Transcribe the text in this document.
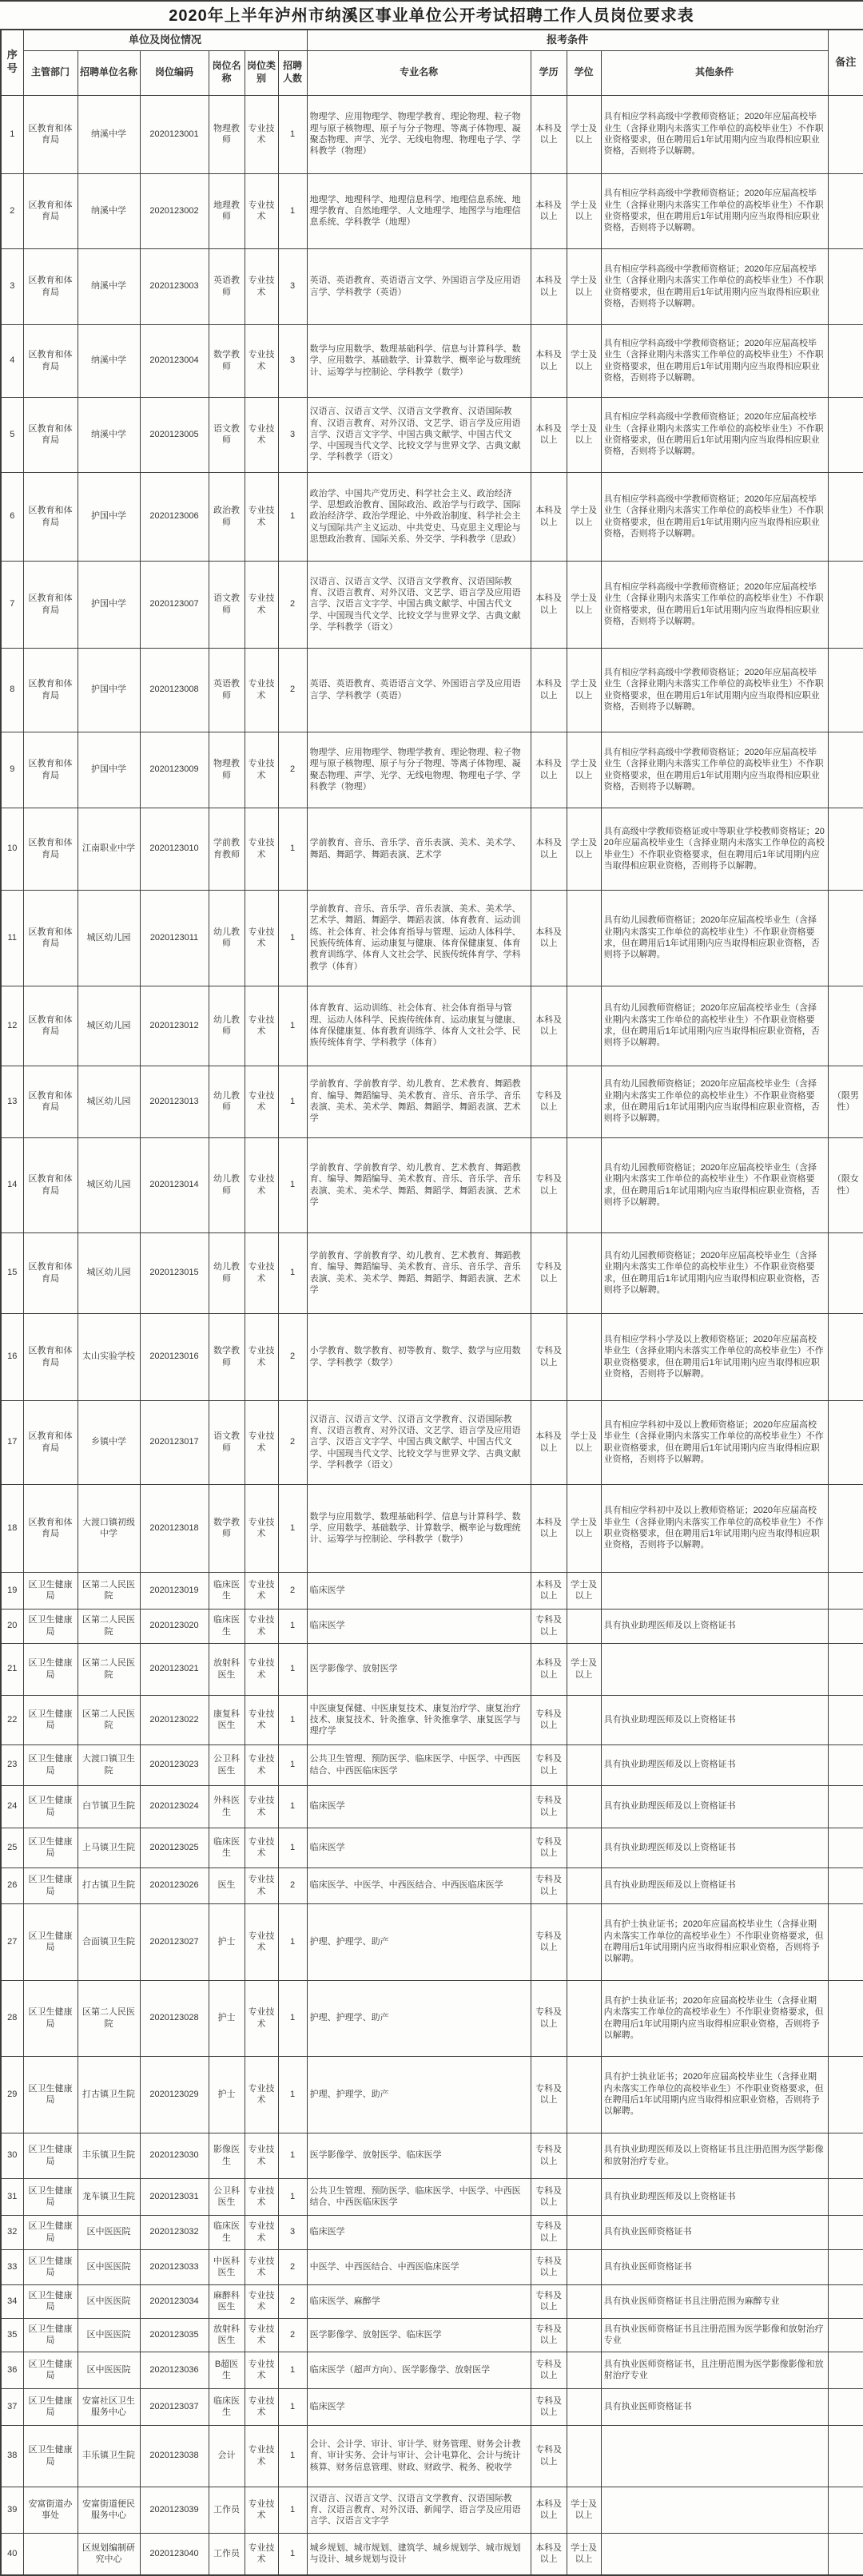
2020年上半年泸州市纳溪区事业单位公开考试招聘工作人员岗位要求表
序号	单位及岗位情况						报考条件				备注
	主管部门	招聘单位名称	岗位编码	岗位名称	岗位类别	招聘人数	专业名称	学历	学位	其他条件	
1	区教育和体育局	纳溪中学	2020123001	物理教师	专业技术	1	物理学、应用物理学、物理学教育、理论物理、粒子物理与原子核物理、原子与分子物理、等离子体物理、凝聚态物理、声学、光学、无线电物理、物理电子学、学科教学（物理）	本科及以上	学士及以上	具有相应学科高级中学教师资格证；2020年应届高校毕业生（含择业期内未落实工作单位的高校毕业生）不作职业资格要求，但在聘用后1年试用期内应当取得相应职业资格，否则将予以解聘。	
2	区教育和体育局	纳溪中学	2020123002	地理教师	专业技术	1	地理学、地理科学、地理信息科学、地理信息系统、地理学教育、自然地理学、人文地理学、地图学与地理信息系统、学科教学（地理）	本科及以上	学士及以上	具有相应学科高级中学教师资格证；2020年应届高校毕业生（含择业期内未落实工作单位的高校毕业生）不作职业资格要求，但在聘用后1年试用期内应当取得相应职业资格，否则将予以解聘。	
3	区教育和体育局	纳溪中学	2020123003	英语教师	专业技术	3	英语、英语教育、英语语言文学、外国语言学及应用语言学、学科教学（英语）	本科及以上	学士及以上	具有相应学科高级中学教师资格证；2020年应届高校毕业生（含择业期内未落实工作单位的高校毕业生）不作职业资格要求，但在聘用后1年试用期内应当取得相应职业资格，否则将予以解聘。	
4	区教育和体育局	纳溪中学	2020123004	数学教师	专业技术	3	数学与应用数学、数理基础科学、信息与计算科学、数学、应用数学、基础数学、计算数学、概率论与数理统计、运筹学与控制论、学科教学（数学）	本科及以上	学士及以上	具有相应学科高级中学教师资格证；2020年应届高校毕业生（含择业期内未落实工作单位的高校毕业生）不作职业资格要求，但在聘用后1年试用期内应当取得相应职业资格，否则将予以解聘。	
5	区教育和体育局	纳溪中学	2020123005	语文教师	专业技术	3	汉语言、汉语言文学、汉语言文学教育、汉语国际教育、汉语言教育、对外汉语、文艺学、语言学及应用语言学、汉语言文字学、中国古典文献学、中国古代文学、中国现当代文学、比较文学与世界文学、古典文献学、学科教学（语文）	本科及以上	学士及以上	具有相应学科高级中学教师资格证；2020年应届高校毕业生（含择业期内未落实工作单位的高校毕业生）不作职业资格要求，但在聘用后1年试用期内应当取得相应职业资格，否则将予以解聘。	
6	区教育和体育局	护国中学	2020123006	政治教师	专业技术	1	政治学、中国共产党历史、科学社会主义、政治经济学、思想政治教育、国际政治、政治学与行政学、国际政治经济学、政治学理论、中外政治制度、科学社会主义与国际共产主义运动、中共党史、马克思主义理论与思想政治教育、国际关系、外交学、学科教学（思政）	本科及以上	学士及以上	具有相应学科高级中学教师资格证；2020年应届高校毕业生（含择业期内未落实工作单位的高校毕业生）不作职业资格要求，但在聘用后1年试用期内应当取得相应职业资格，否则将予以解聘。	
7	区教育和体育局	护国中学	2020123007	语文教师	专业技术	2	汉语言、汉语言文学、汉语言文学教育、汉语国际教育、汉语言教育、对外汉语、文艺学、语言学及应用语言学、汉语言文字学、中国古典文献学、中国古代文学、中国现当代文学、比较文学与世界文学、古典文献学、学科教学（语文）	本科及以上	学士及以上	具有相应学科高级中学教师资格证；2020年应届高校毕业生（含择业期内未落实工作单位的高校毕业生）不作职业资格要求，但在聘用后1年试用期内应当取得相应职业资格，否则将予以解聘。	
8	区教育和体育局	护国中学	2020123008	英语教师	专业技术	2	英语、英语教育、英语语言文学、外国语言学及应用语言学、学科教学（英语）	本科及以上	学士及以上	具有相应学科高级中学教师资格证；2020年应届高校毕业生（含择业期内未落实工作单位的高校毕业生）不作职业资格要求，但在聘用后1年试用期内应当取得相应职业资格，否则将予以解聘。	
9	区教育和体育局	护国中学	2020123009	物理教师	专业技术	2	物理学、应用物理学、物理学教育、理论物理、粒子物理与原子核物理、原子与分子物理、等离子体物理、凝聚态物理、声学、光学、无线电物理、物理电子学、学科教学（物理）	本科及以上	学士及以上	具有相应学科高级中学教师资格证；2020年应届高校毕业生（含择业期内未落实工作单位的高校毕业生）不作职业资格要求，但在聘用后1年试用期内应当取得相应职业资格，否则将予以解聘。	
10	区教育和体育局	江南职业中学	2020123010	学前教育教师	专业技术	1	学前教育、音乐、音乐学、音乐表演、美术、美术学、舞蹈、舞蹈学、舞蹈表演、艺术学	本科及以上	学士及以上	具有高级中学教师资格证或中等职业学校教师资格证；2020年应届高校毕业生（含择业期内未落实工作单位的高校毕业生）不作职业资格要求，但在聘用后1年试用期内应当取得相应职业资格，否则将予以解聘。	
11	区教育和体育局	城区幼儿园	2020123011	幼儿教师	专业技术	1	学前教育、音乐、音乐学、音乐表演、美术、美术学、艺术学、舞蹈、舞蹈学、舞蹈表演、体育教育、运动训练、社会体育、社会体育指导与管理、运动人体科学、民族传统体育、运动康复与健康、体育保健康复、体育教育训练学、体育人文社会学、民族传统体育学、学科教学（体育）	本科及以上		具有幼儿园教师资格证；2020年应届高校毕业生（含择业期内未落实工作单位的高校毕业生）不作职业资格要求，但在聘用后1年试用期内应当取得相应职业资格，否则将予以解聘。	
12	区教育和体育局	城区幼儿园	2020123012	幼儿教师	专业技术	1	体育教育、运动训练、社会体育、社会体育指导与管理、运动人体科学、民族传统体育、运动康复与健康、体育保健康复、体育教育训练学、体育人文社会学、民族传统体育学、学科教学（体育）	本科及以上		具有幼儿园教师资格证；2020年应届高校毕业生（含择业期内未落实工作单位的高校毕业生）不作职业资格要求，但在聘用后1年试用期内应当取得相应职业资格，否则将予以解聘。	
13	区教育和体育局	城区幼儿园	2020123013	幼儿教师	专业技术	1	学前教育、学前教育学、幼儿教育、艺术教育、舞蹈教育、编导、舞蹈编导、美术教育、音乐、音乐学、音乐表演、美术、美术学、舞蹈、舞蹈学、舞蹈表演、艺术学	专科及以上		具有幼儿园教师资格证；2020年应届高校毕业生（含择业期内未落实工作单位的高校毕业生）不作职业资格要求，但在聘用后1年试用期内应当取得相应职业资格，否则将予以解聘。	（限男性）
14	区教育和体育局	城区幼儿园	2020123014	幼儿教师	专业技术	1	学前教育、学前教育学、幼儿教育、艺术教育、舞蹈教育、编导、舞蹈编导、美术教育、音乐、音乐学、音乐表演、美术、美术学、舞蹈、舞蹈学、舞蹈表演、艺术学	专科及以上		具有幼儿园教师资格证；2020年应届高校毕业生（含择业期内未落实工作单位的高校毕业生）不作职业资格要求，但在聘用后1年试用期内应当取得相应职业资格，否则将予以解聘。	（限女性）
15	区教育和体育局	城区幼儿园	2020123015	幼儿教师	专业技术	1	学前教育、学前教育学、幼儿教育、艺术教育、舞蹈教育、编导、舞蹈编导、美术教育、音乐、音乐学、音乐表演、美术、美术学、舞蹈、舞蹈学、舞蹈表演、艺术学	专科及以上		具有幼儿园教师资格证；2020年应届高校毕业生（含择业期内未落实工作单位的高校毕业生）不作职业资格要求，但在聘用后1年试用期内应当取得相应职业资格，否则将予以解聘。	
16	区教育和体育局	太山实验学校	2020123016	数学教师	专业技术	2	小学教育、数学教育、初等教育、数学、数学与应用数学、学科教学（数学）	专科及以上		具有相应学科小学及以上教师资格证；2020年应届高校毕业生（含择业期内未落实工作单位的高校毕业生）不作职业资格要求，但在聘用后1年试用期内应当取得相应职业资格，否则将予以解聘。	
17	区教育和体育局	乡镇中学	2020123017	语文教师	专业技术	2	汉语言、汉语言文学、汉语言文学教育、汉语国际教育、汉语言教育、对外汉语、文艺学、语言学及应用语言学、汉语言文字学、中国古典文献学、中国古代文学、中国现当代文学、比较文学与世界文学、古典文献学、学科教学（语文）	本科及以上	学士及以上	具有相应学科初中及以上教师资格证；2020年应届高校毕业生（含择业期内未落实工作单位的高校毕业生）不作职业资格要求，但在聘用后1年试用期内应当取得相应职业资格，否则将予以解聘。	
18	区教育和体育局	大渡口镇初级中学	2020123018	数学教师	专业技术	1	数学与应用数学、数理基础科学、信息与计算科学、数学、应用数学、基础数学、计算数学、概率论与数理统计、运筹学与控制论、学科教学（数学）	本科及以上	学士及以上	具有相应学科初中及以上教师资格证；2020年应届高校毕业生（含择业期内未落实工作单位的高校毕业生）不作职业资格要求，但在聘用后1年试用期内应当取得相应职业资格，否则将予以解聘。	
19	区卫生健康局	区第二人民医院	2020123019	临床医生	专业技术	2	临床医学	本科及以上	学士及以上		
20	区卫生健康局	区第二人民医院	2020123020	临床医生	专业技术	1	临床医学	专科及以上		具有执业助理医师及以上资格证书	
21	区卫生健康局	区第二人民医院	2020123021	放射科医生	专业技术	1	医学影像学、放射医学	本科及以上	学士及以上		
22	区卫生健康局	区第二人民医院	2020123022	康复科医生	专业技术	1	中医康复保健、中医康复技术、康复治疗学、康复治疗技术、康复技术、针灸推拿、针灸推拿学、康复医学与理疗学	专科及以上		具有执业助理医师及以上资格证书	
23	区卫生健康局	大渡口镇卫生院	2020123023	公卫科医生	专业技术	1	公共卫生管理、预防医学、临床医学、中医学、中西医结合、中西医临床医学	专科及以上		具有执业助理医师及以上资格证书	
24	区卫生健康局	白节镇卫生院	2020123024	外科医生	专业技术	1	临床医学	专科及以上		具有执业助理医师及以上资格证书	
25	区卫生健康局	上马镇卫生院	2020123025	临床医生	专业技术	1	临床医学	专科及以上		具有执业助理医师及以上资格证书	
26	区卫生健康局	打古镇卫生院	2020123026	医生	专业技术	2	临床医学、中医学、中西医结合、中西医临床医学	专科及以上		具有执业助理医师及以上资格证书	
27	区卫生健康局	合面镇卫生院	2020123027	护士	专业技术	1	护理、护理学、助产	专科及以上		具有护士执业证书；2020年应届高校毕业生（含择业期内未落实工作单位的高校毕业生）不作职业资格要求，但在聘用后1年试用期内应当取得相应职业资格，否则将予以解聘。	
28	区卫生健康局	区第二人民医院	2020123028	护士	专业技术	1	护理、护理学、助产	专科及以上		具有护士执业证书；2020年应届高校毕业生（含择业期内未落实工作单位的高校毕业生）不作职业资格要求，但在聘用后1年试用期内应当取得相应职业资格，否则将予以解聘。	
29	区卫生健康局	打古镇卫生院	2020123029	护士	专业技术	1	护理、护理学、助产	专科及以上		具有护士执业证书；2020年应届高校毕业生（含择业期内未落实工作单位的高校毕业生）不作职业资格要求，但在聘用后1年试用期内应当取得相应职业资格，否则将予以解聘。	
30	区卫生健康局	丰乐镇卫生院	2020123030	影像医生	专业技术	1	医学影像学、放射医学、临床医学	专科及以上		具有执业助理医师及以上资格证书且注册范围为医学影像和放射治疗专业。	
31	区卫生健康局	龙车镇卫生院	2020123031	公卫科医生	专业技术	1	公共卫生管理、预防医学、临床医学、中医学、中西医结合、中西医临床医学	专科及以上		具有执业助理医师及以上资格证书	
32	区卫生健康局	区中医医院	2020123032	临床医生	专业技术	3	临床医学	专科及以上		具有执业医师资格证书	
33	区卫生健康局	区中医医院	2020123033	中医科医生	专业技术	2	中医学、中西医结合、中西医临床医学	专科及以上		具有执业医师资格证书	
34	区卫生健康局	区中医医院	2020123034	麻醉科医生	专业技术	2	临床医学、麻醉学	专科及以上		具有执业医师资格证书且注册范围为麻醉专业	
35	区卫生健康局	区中医医院	2020123035	放射科医生	专业技术	2	医学影像学、放射医学、临床医学	专科及以上		具有执业医师资格证书且注册范围为医学影像和放射治疗专业	
36	区卫生健康局	区中医医院	2020123036	B超医生	专业技术	1	临床医学（超声方向）、医学影像学、放射医学	专科及以上		具有执业医师资格证书，且注册范围为医学影像影像和放射治疗专业	
37	区卫生健康局	安富社区卫生服务中心	2020123037	临床医生	专业技术	1	临床医学	专科及以上		具有执业医师资格证书	
38	区卫生健康局	丰乐镇卫生院	2020123038	会计	专业技术	1	会计、会计学、审计、审计学、财务管理、财务会计教育、审计实务、会计与审计、会计电算化、会计与统计核算、财务信息管理、财政、财政学、税务、税收学	专科及以上			
39	安富街道办事处	安富街道便民服务中心	2020123039	工作员	专业技术	1	汉语言、汉语言文学、汉语言文学教育、汉语国际教育、汉语言教育、对外汉语、新闻学、语言学及应用语言学、汉语言文字学	本科及以上	学士及以上		
40		区规划编制研究中心	2020123040	工作员	专业技术	1	城乡规划、城市规划、建筑学、城乡规划学、城市规划与设计、城乡规划与设计	本科及以上	学士及以上		
